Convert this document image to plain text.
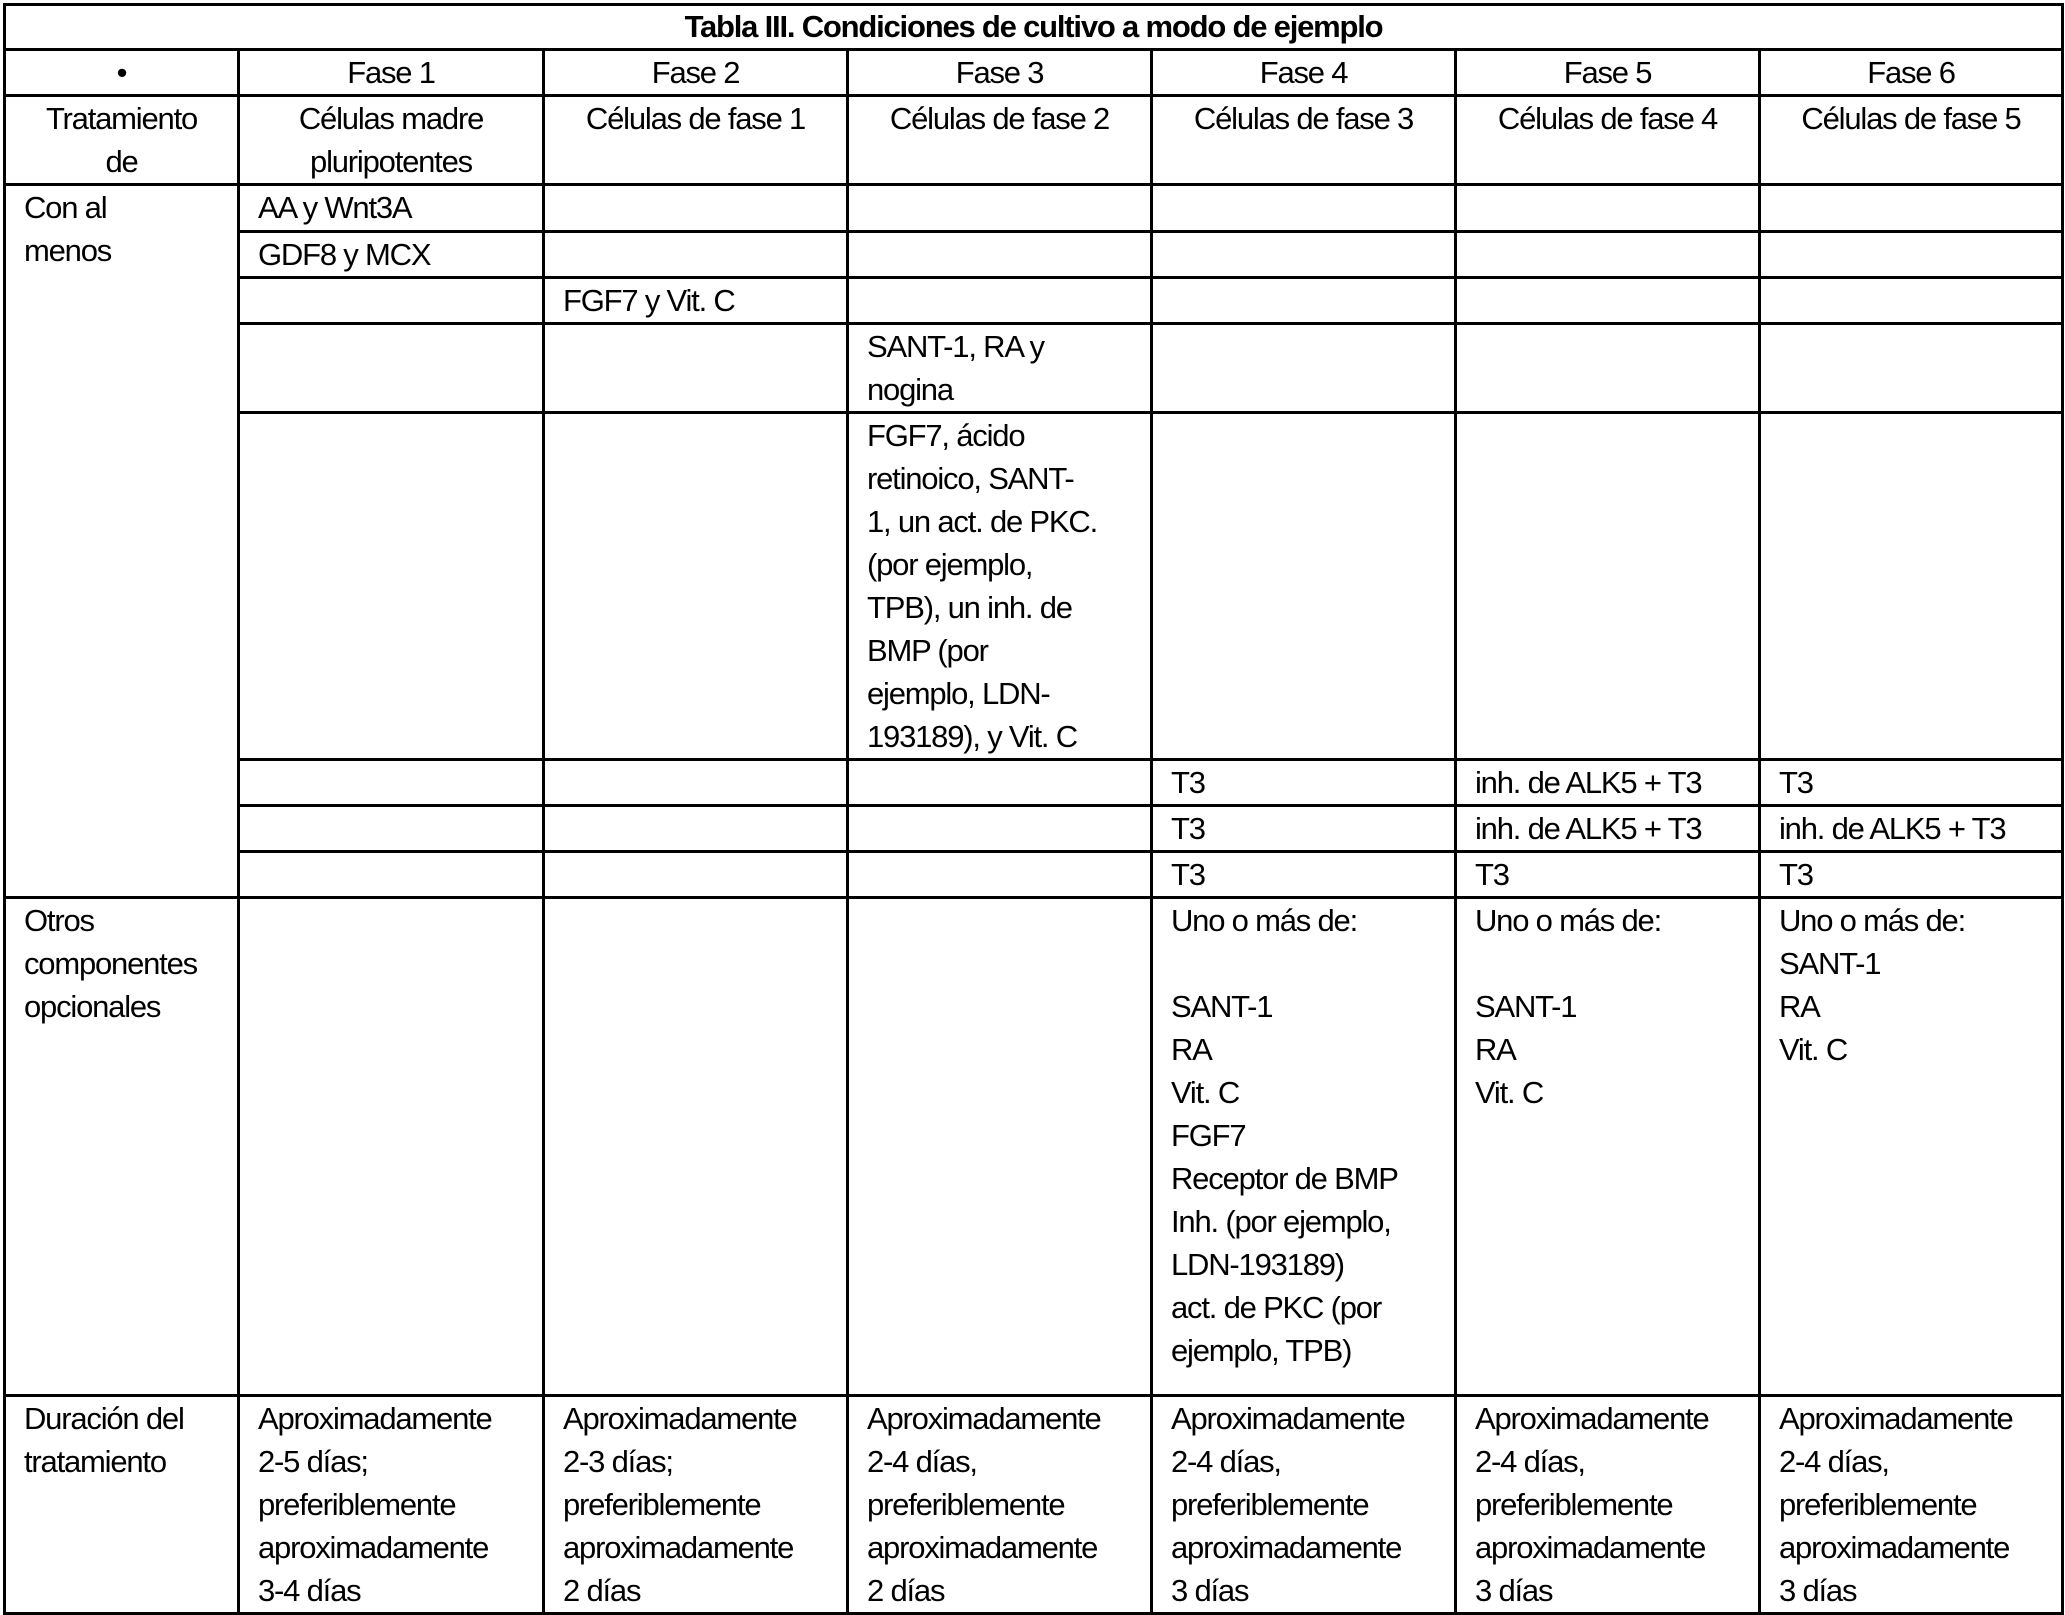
Tabla III. Condiciones de cultivo a modo de ejemplo
•	Fase 1	Fase 2	Fase 3	Fase 4	Fase 5	Fase 6
Tratamiento
de	Células madre
pluripotentes	Células de fase 1	Células de fase 2	Células de fase 3	Células de fase 4	Células de fase 5
Con al
menos	AA y Wnt3A					
GDF8 y MCX					
	FGF7 y Vit. C				
		SANT-1, RA y
nogina			
		FGF7, ácido
retinoico, SANT-
1, un act. de PKC.
(por ejemplo,
TPB), un inh. de
BMP (por
ejemplo, LDN-
193189), y Vit. C			
			T3	inh. de ALK5 + T3	T3
			T3	inh. de ALK5 + T3	inh. de ALK5 + T3
			T3	T3	T3
Otros
componentes
opcionales				Uno o más de:

SANT-1
RA
Vit. C
FGF7
Receptor de BMP
Inh. (por ejemplo,
LDN-193189)
act. de PKC (por
ejemplo, TPB)	Uno o más de:

SANT-1
RA
Vit. C	Uno o más de:
SANT-1
RA
Vit. C
Duración del
tratamiento	Aproximadamente
2-5 días;
preferiblemente
aproximadamente
3-4 días	Aproximadamente
2-3 días;
preferiblemente
aproximadamente
2 días	Aproximadamente
2-4 días,
preferiblemente
aproximadamente
2 días	Aproximadamente
2-4 días,
preferiblemente
aproximadamente
3 días	Aproximadamente
2-4 días,
preferiblemente
aproximadamente
3 días	Aproximadamente
2-4 días,
preferiblemente
aproximadamente
3 días
